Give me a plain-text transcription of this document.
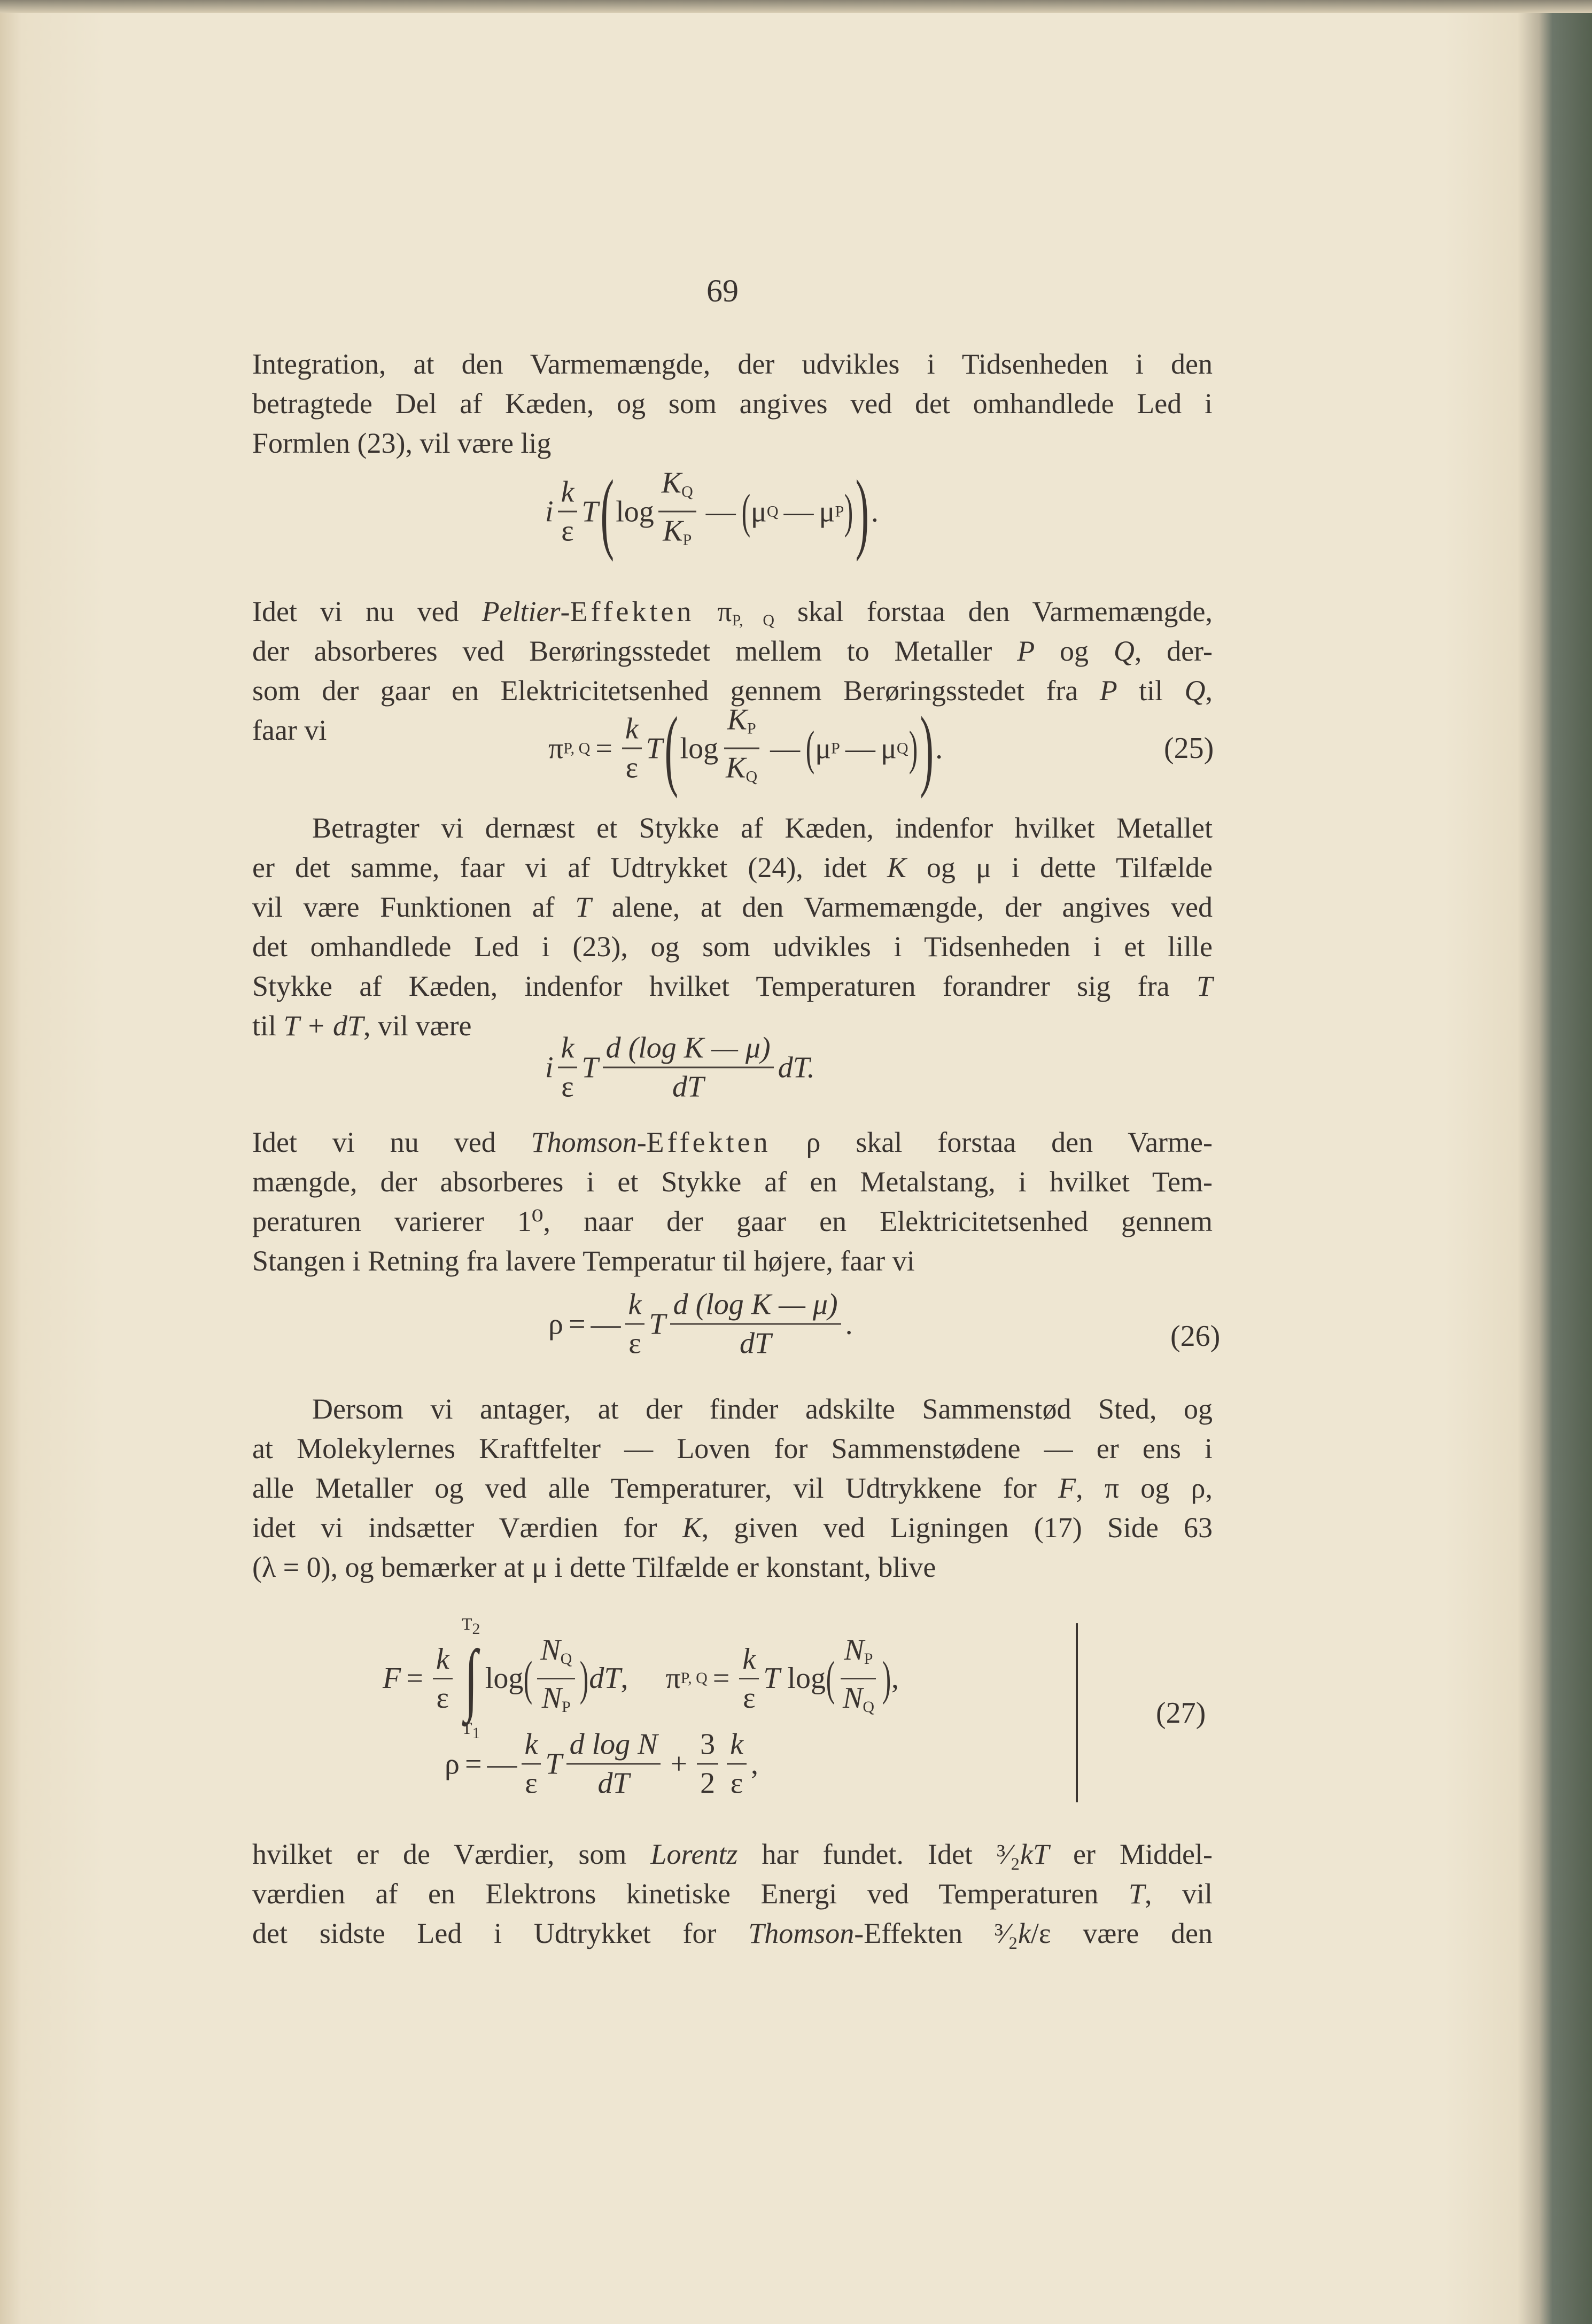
69
Integration, at den Varmemængde, der udvikles i Tidsenheden i den
betragtede Del af Kæden, og som angives ved det omhandlede Led i
Formlen (23), vil være lig
Idet vi nu ved Peltier-Effekten $\pi_{P, Q}$ skal forstaa den Varmemængde,
der absorberes ved Berøringsstedet mellem to Metaller P og Q, der-
som der gaar en Elektricitetsenhed gennem Berøringsstedet fra P til Q,
faar vi
Betragter vi dernæst et Stykke af Kæden, indenfor hvilket Metallet
er det samme, faar vi af Udtrykket (24), idet K og μ i dette Tilfælde
vil være Funktionen af T alene, at den Varmemængde, der angives ved
det omhandlede Led i (23), og som udvikles i Tidsenheden i et lille
Stykke af Kæden, indenfor hvilket Temperaturen forandrer sig fra T
til T + dT, vil være
Idet vi nu ved Thomson-Effekten ρ skal forstaa den Varme-
mængde, der absorberes i et Stykke af en Metalstang, i hvilket Tem-
peraturen varierer 1⁰, naar der gaar en Elektricitetsenhed gennem
Stangen i Retning fra lavere Temperatur til højere, faar vi
Dersom vi antager, at der finder adskilte Sammenstød Sted, og
at Molekylernes Kraftfelter — Loven for Sammenstødene — er ens i
alle Metaller og ved alle Temperaturer, vil Udtrykkene for F, π og ρ,
idet vi indsætter Værdien for K, given ved Ligningen (17) Side 63
(λ = 0), og bemærker at μ i dette Tilfælde er konstant, blive
hvilket er de Værdier, som Lorentz har fundet. Idet ³⁄₂kT er Middel-
værdien af en Elektrons kinetiske Energi ved Temperaturen T, vil
det sidste Led i Udtrykket for Thomson-Effekten ³⁄₂k/ε være den
i $\frac{k}{\varepsilon}$ T ( $\log \frac{K_Q}{K_P}$ — ( μ Q — μ P ) ) .
π P, $Q = \frac{k}{\varepsilon}$ T ( $\log \frac{K_P}{K_Q}$ — ( μ P — μ Q ) ) .	(25)
i $\frac{k}{\varepsilon}$ T $\frac{\text{d (log K — μ)}}{dT}$ dT.
ρ = — $\frac{k}{\varepsilon}$ T $\frac{\text{d (log K — μ)}}{dT}$ .	(26)
$F = \frac{k}{\varepsilon}$
T2
∫
T1
log ( $\frac{N_Q}{N_P}$ ) dT , π P, $Q = \frac{k}{\varepsilon}$ T
log ( $\frac{N_P}{N_Q}$ ) ,
ρ = — $\frac{k}{\varepsilon}$ T $\frac{\text{d log N}}{dT} + \frac{3}{2} \frac{k}{\varepsilon}$ ,
(27)
